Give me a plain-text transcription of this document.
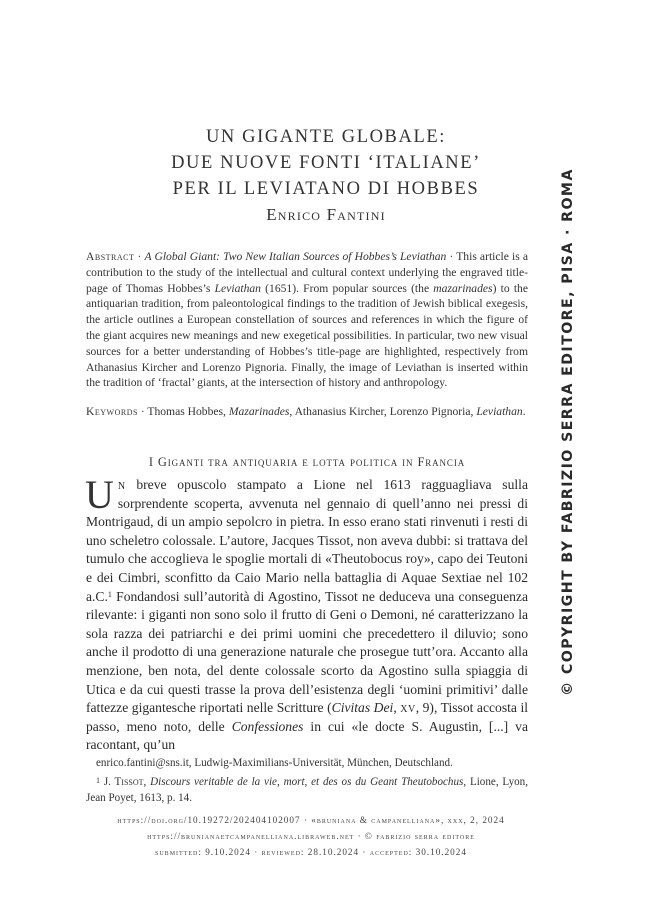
UN GIGANTE GLOBALE:
DUE NUOVE FONTI ‘ITALIANE’
PER IL LEVIATANO DI HOBBES
Enrico Fantini
Abstract · A Global Giant: Two New Italian Sources of Hobbes’s Leviathan · This article is a contribution to the study of the intellectual and cultural context underlying the engraved title-page of Thomas Hobbes’s Leviathan (1651). From popular sources (the mazarinades) to the antiquarian tradition, from paleontological findings to the tradition of Jewish biblical exegesis, the article outlines a European constellation of sources and references in which the figure of the giant acquires new meanings and new exegetical possibilities. In particular, two new visual sources for a better understanding of Hobbes’s title-page are highlighted, respectively from Athanasius Kircher and Lorenzo Pignoria. Finally, the image of Leviathan is inserted within the tradition of ‘fractal’ giants, at the intersection of history and anthropology.
Keywords · Thomas Hobbes, Mazarinades, Athanasius Kircher, Lorenzo Pignoria, Leviathan.
I Giganti tra antiquaria e lotta politica in Francia
Un breve opuscolo stampato a Lione nel 1613 ragguagliava sulla sorprendente scoperta, avvenuta nel gennaio di quell’anno nei pressi di Montrigaud, di un ampio sepolcro in pietra. In esso erano stati rinvenuti i resti di uno scheletro colossale. L’autore, Jacques Tissot, non aveva dubbi: si trattava del tumulo che accoglieva le spoglie mortali di «Theutobocus roy», capo dei Teutoni e dei Cimbri, sconfitto da Caio Mario nella battaglia di Aquae Sextiae nel 102 a.C.$^1$ Fondandosi sull’autorità di Agostino, Tissot ne deduceva una conseguenza rilevante: i giganti non sono solo il frutto di Geni o Demoni, né caratterizzano la sola razza dei patriarchi e dei primi uomini che precedettero il diluvio; sono anche il prodotto di una generazione naturale che prosegue tutt’ora. Accanto alla menzione, ben nota, del dente colossale scorto da Agostino sulla spiaggia di Utica e da cui questi trasse la prova dell’esistenza degli ‘uomini primitivi’ dalle fattezze gigantesche riportati nelle Scritture (Civitas Dei, xv, 9), Tissot accosta il passo, meno noto, delle Confessiones in cui «le docte S. Augustin, [...] va racontant, qu’un
enrico.fantini@sns.it, Ludwig-Maximilians-Universität, München, Deutschland.
$^1$ J. Tissot, Discours veritable de la vie, mort, et des os du Geant Theutobochus, Lione, Lyon, Jean Poyet, 1613, p. 14.
https://doi.org/10.19272/202404102007 · «bruniana & campanelliana», xxx, 2, 2024
https://brunianaetcampanelliana.libraweb.net · © fabrizio serra editore
submitted: 9.10.2024 · reviewed: 28.10.2024 · accepted: 30.10.2024
© COPYRIGHT BY FABRIZIO SERRA EDITORE, PISA · ROMA
